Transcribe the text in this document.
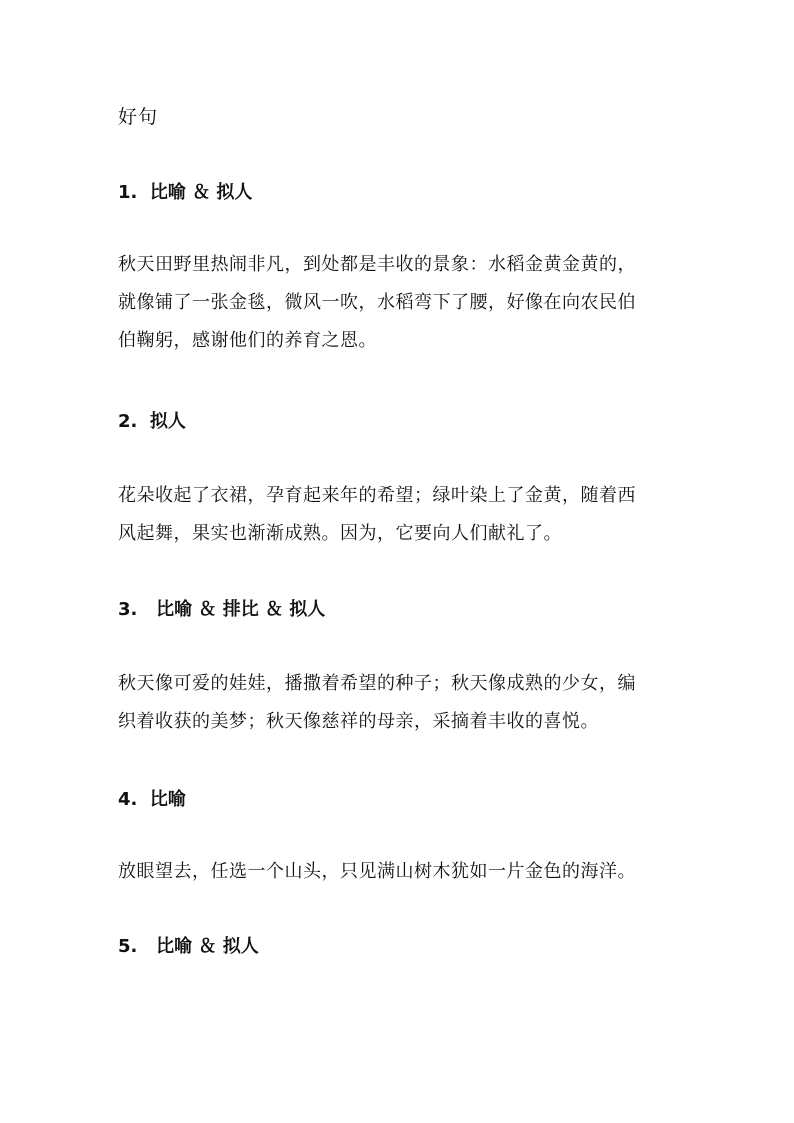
好句
1.  比喻 ＆ 拟人
秋天田野里热闹非凡，到处都是丰收的景象：水稻金黄金黄的，
就像铺了一张金毯，微风一吹，水稻弯下了腰，好像在向农民伯
伯鞠躬，感谢他们的养育之恩。
2.  拟人
花朵收起了衣裙，孕育起来年的希望；绿叶染上了金黄，随着西
风起舞，果实也渐渐成熟。因为，它要向人们献礼了。
3.   比喻 ＆ 排比 ＆ 拟人
秋天像可爱的娃娃，播撒着希望的种子；秋天像成熟的少女，编
织着收获的美梦；秋天像慈祥的母亲，采摘着丰收的喜悦。
4.  比喻
放眼望去，任选一个山头，只见满山树木犹如一片金色的海洋。
5.   比喻 ＆ 拟人
